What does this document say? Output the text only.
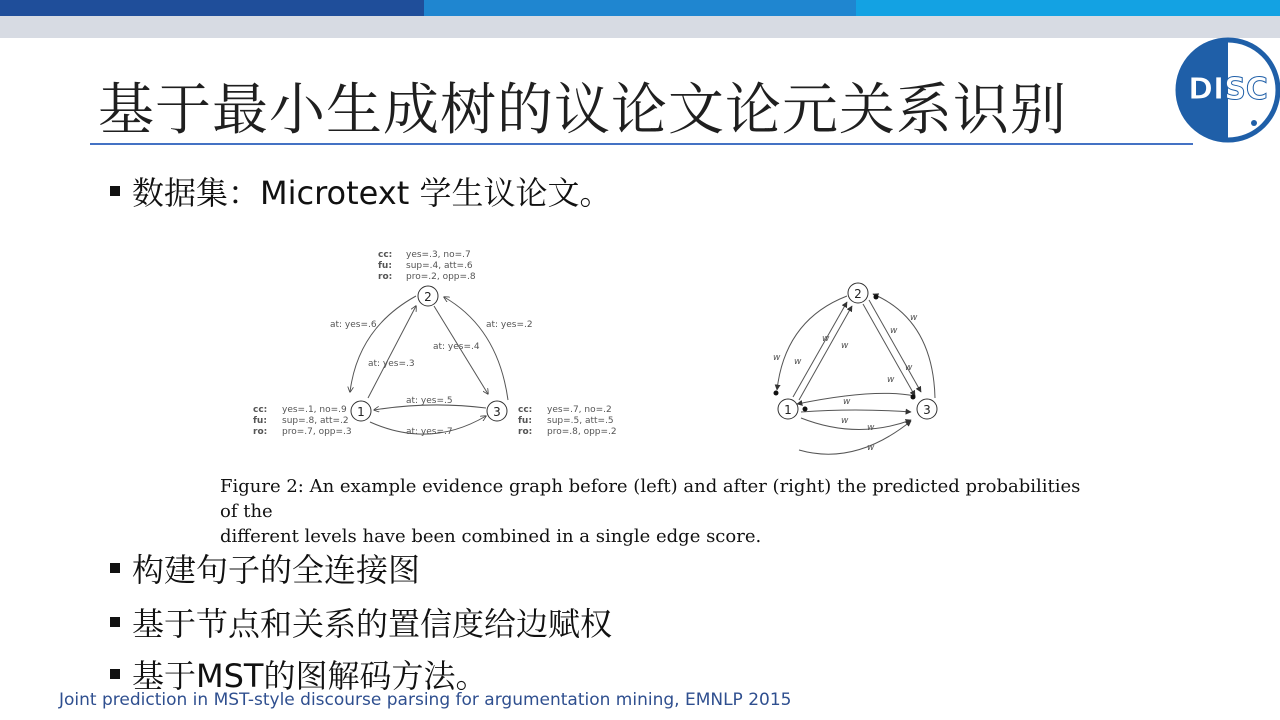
基于最小生成树的议论文论元关系识别	DISC
数据集：Microtext 学生议论文。
2
1	3
cc:
fu:
ro:
yes=.3, no=.7
sup=.4, att=.6
pro=.2, opp=.8
cc:
fu:
ro:
yes=.1, no=.9
sup=.8, att=.2
pro=.7, opp=.3
cc:
fu:
ro:
yes=.7, no=.2
sup=.5, att=.5
pro=.8, opp=.2
at: yes=.6
at: yes=.3
at: yes=.4
at: yes=.2
at: yes=.5
at: yes=.7
2
1	3
w w
w
w
w
w
w
w
w
w
w
w
Figure 2: An example evidence graph before (left) and after (right) the predicted probabilities of the
different levels have been combined in a single edge score.
构建句子的全连接图
基于节点和关系的置信度给边赋权
基于MST的图解码方法。
Joint prediction in MST-style discourse parsing for argumentation mining, EMNLP 2015
